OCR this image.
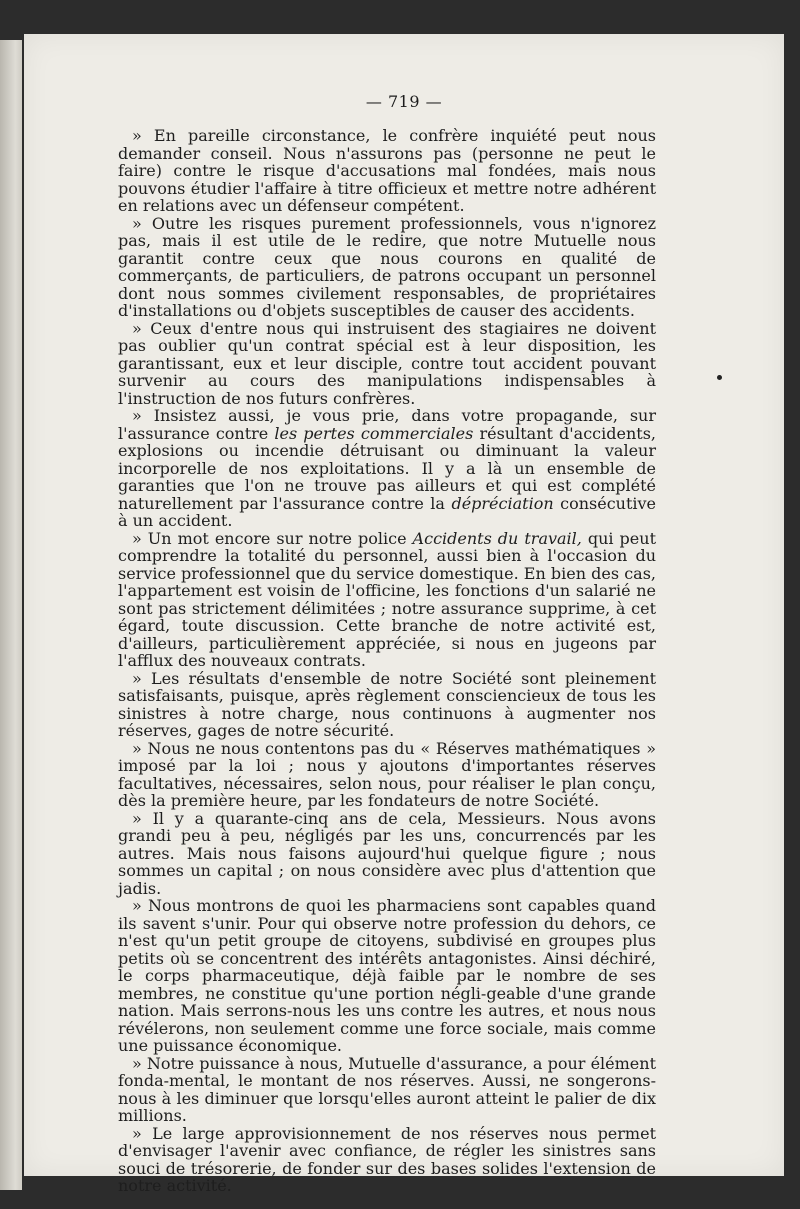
— 719 —

» En pareille circonstance, le confrère inquiété peut nous demander conseil. Nous n'assurons pas (personne ne peut le faire) contre le risque d'accusations mal fondées, mais nous pouvons étudier l'affaire à titre officieux et mettre notre adhérent en relations avec un défenseur compétent.

» Outre les risques purement professionnels, vous n'ignorez pas, mais il est utile de le redire, que notre Mutuelle nous garantit contre ceux que nous courons en qualité de commerçants, de particuliers, de patrons occupant un personnel dont nous sommes civilement responsables, de propriétaires d'installations ou d'objets susceptibles de causer des accidents.

» Ceux d'entre nous qui instruisent des stagiaires ne doivent pas oublier qu'un contrat spécial est à leur disposition, les garantissant, eux et leur disciple, contre tout accident pouvant survenir au cours des manipulations indispensables à l'instruction de nos futurs confrères.

» Insistez aussi, je vous prie, dans votre propagande, sur l'assurance contre les pertes commerciales résultant d'accidents, explosions ou incendie détruisant ou diminuant la valeur incorporelle de nos exploitations. Il y a là un ensemble de garanties que l'on ne trouve pas ailleurs et qui est complété naturellement par l'assurance contre la dépréciation consécutive à un accident.

» Un mot encore sur notre police Accidents du travail, qui peut comprendre la totalité du personnel, aussi bien à l'occasion du service professionnel que du service domestique. En bien des cas, l'appartement est voisin de l'officine, les fonctions d'un salarié ne sont pas strictement délimitées ; notre assurance supprime, à cet égard, toute discussion. Cette branche de notre activité est, d'ailleurs, particulièrement appréciée, si nous en jugeons par l'afflux des nouveaux contrats.

» Les résultats d'ensemble de notre Société sont pleinement satisfaisants, puisque, après règlement consciencieux de tous les sinistres à notre charge, nous continuons à augmenter nos réserves, gages de notre sécurité.

» Nous ne nous contentons pas du « Réserves mathématiques » imposé par la loi ; nous y ajoutons d'importantes réserves facultatives, nécessaires, selon nous, pour réaliser le plan conçu, dès la première heure, par les fondateurs de notre Société.

» Il y a quarante-cinq ans de cela, Messieurs. Nous avons grandi peu à peu, négligés par les uns, concurrencés par les autres. Mais nous faisons aujourd'hui quelque figure ; nous sommes un capital ; on nous considère avec plus d'attention que jadis.

» Nous montrons de quoi les pharmaciens sont capables quand ils savent s'unir. Pour qui observe notre profession du dehors, ce n'est qu'un petit groupe de citoyens, subdivisé en groupes plus petits où se concentrent des intérêts antagonistes. Ainsi déchiré, le corps pharmaceutique, déjà faible par le nombre de ses membres, ne constitue qu'une portion négli-geable d'une grande nation. Mais serrons-nous les uns contre les autres, et nous nous révélerons, non seulement comme une force sociale, mais comme une puissance économique.

» Notre puissance à nous, Mutuelle d'assurance, a pour élément fonda-mental, le montant de nos réserves. Aussi, ne songerons-nous à les diminuer que lorsqu'elles auront atteint le palier de dix millions.

» Le large approvisionnement de nos réserves nous permet d'envisager l'avenir avec confiance, de régler les sinistres sans souci de trésorerie, de fonder sur des bases solides l'extension de notre activité.
